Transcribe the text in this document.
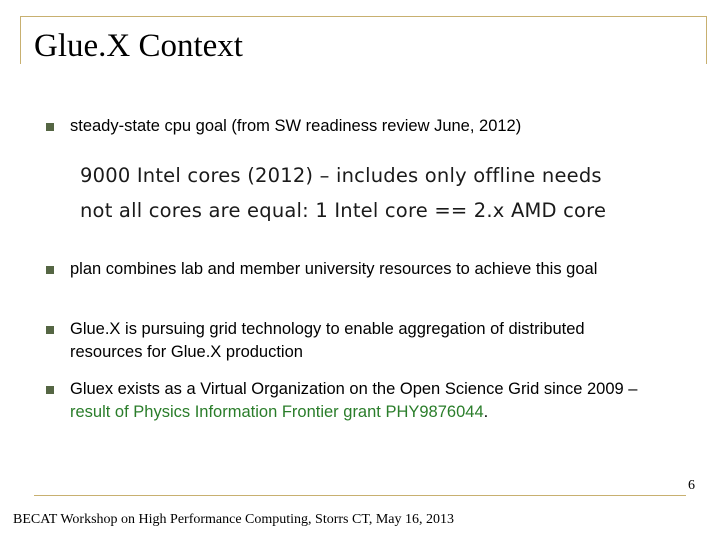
Glue.X Context
steady-state cpu goal (from SW readiness review June, 2012)
9000 Intel cores (2012) – includes only offline needs
not all cores are equal: 1 Intel core == 2.x AMD core
plan combines lab and member university resources to achieve this goal
Glue.X is pursuing grid technology to enable aggregation of distributed resources for Glue.X production
Gluex exists as a Virtual Organization on the Open Science Grid since 2009 – result of Physics Information Frontier grant PHY9876044.
BECAT Workshop on High Performance Computing, Storrs CT, May 16, 2013
6
